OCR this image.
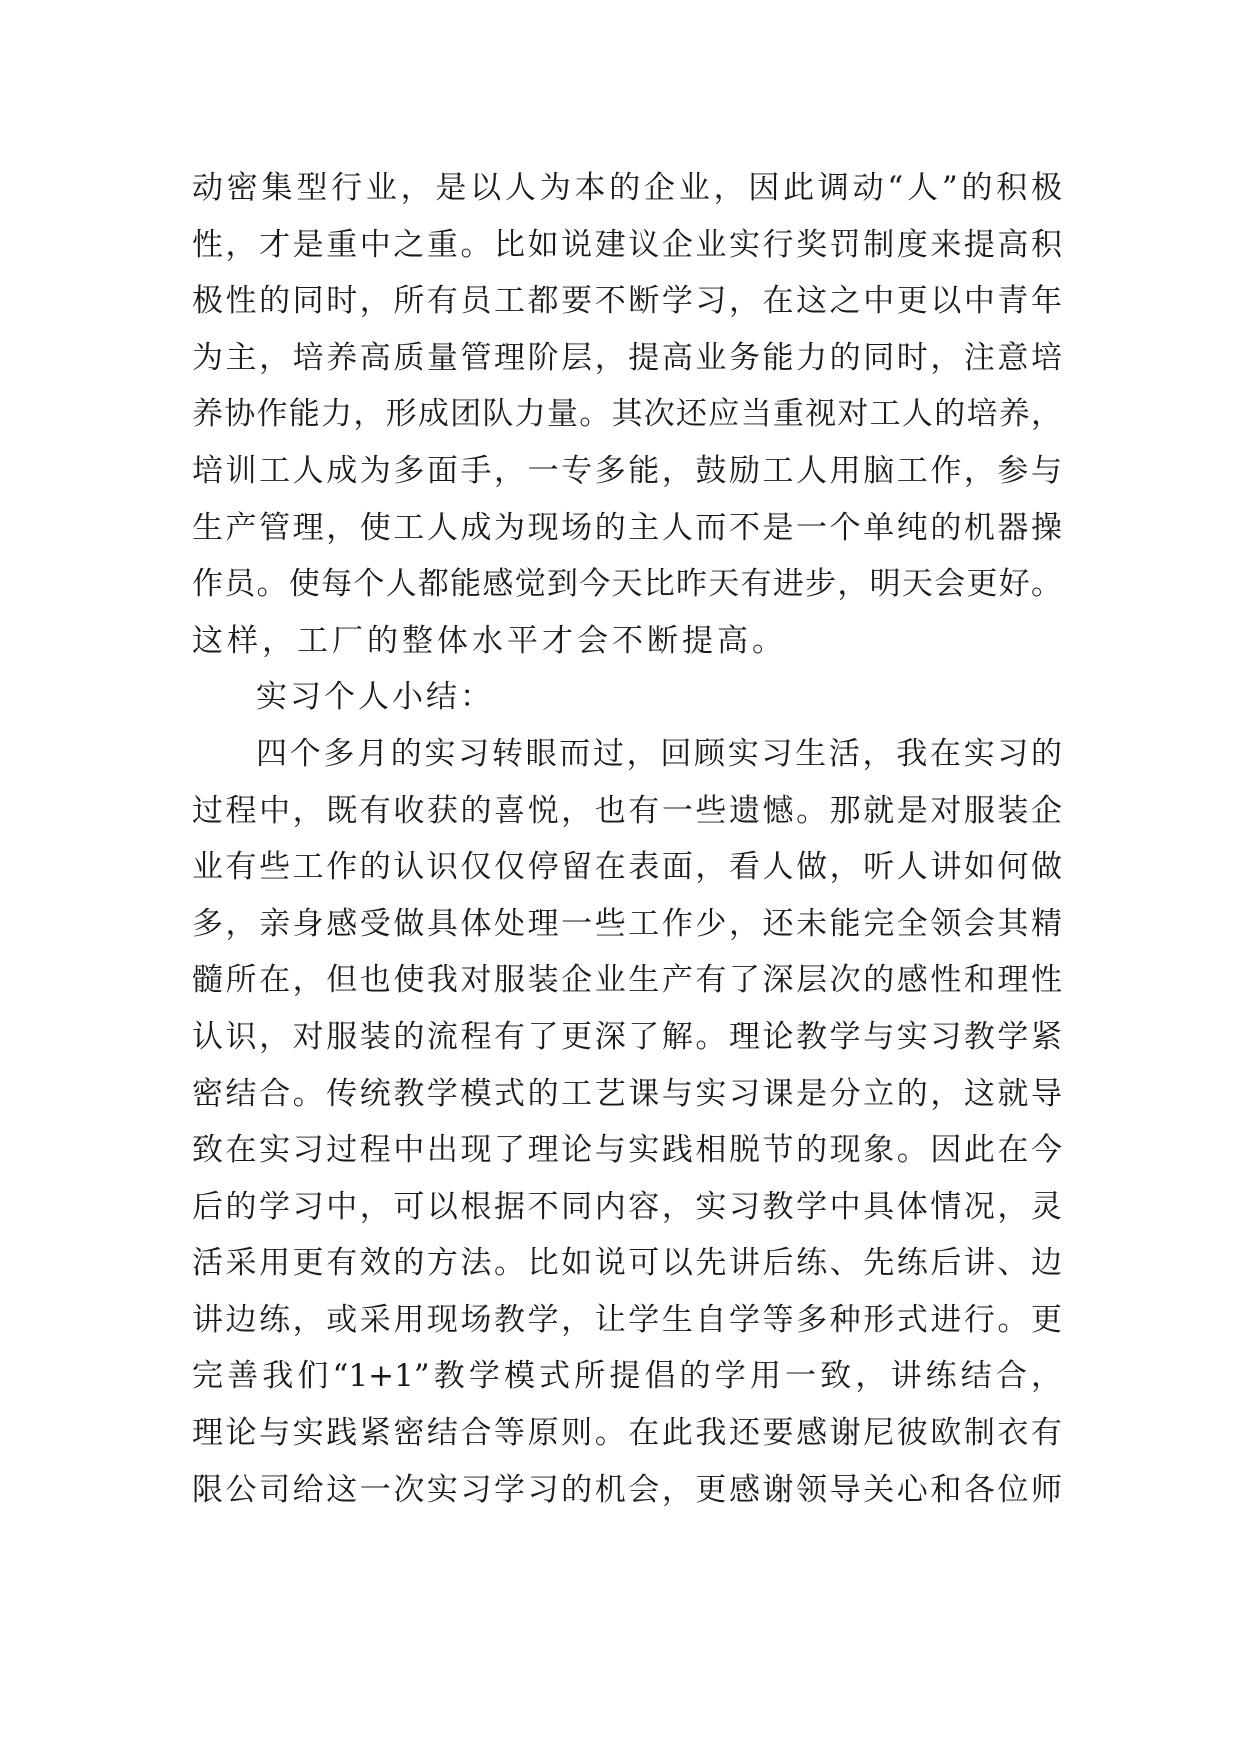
动密集型行业，是以人为本的企业，因此调动“人”的积极
性，才是重中之重。比如说建议企业实行奖罚制度来提高积
极性的同时，所有员工都要不断学习，在这之中更以中青年
为主，培养高质量管理阶层，提高业务能力的同时，注意培
养协作能力，形成团队力量。其次还应当重视对工人的培养，
培训工人成为多面手，一专多能，鼓励工人用脑工作，参与
生产管理，使工人成为现场的主人而不是一个单纯的机器操
作员。使每个人都能感觉到今天比昨天有进步，明天会更好。
这样，工厂的整体水平才会不断提高。
实习个人小结：
四个多月的实习转眼而过，回顾实习生活，我在实习的
过程中，既有收获的喜悦，也有一些遗憾。那就是对服装企
业有些工作的认识仅仅停留在表面，看人做，听人讲如何做
多，亲身感受做具体处理一些工作少，还未能完全领会其精
髓所在，但也使我对服装企业生产有了深层次的感性和理性
认识，对服装的流程有了更深了解。理论教学与实习教学紧
密结合。传统教学模式的工艺课与实习课是分立的，这就导
致在实习过程中出现了理论与实践相脱节的现象。因此在今
后的学习中，可以根据不同内容，实习教学中具体情况，灵
活采用更有效的方法。比如说可以先讲后练、先练后讲、边
讲边练，或采用现场教学，让学生自学等多种形式进行。更
完善我们“1+1”教学模式所提倡的学用一致，讲练结合，
理论与实践紧密结合等原则。在此我还要感谢尼彼欧制衣有
限公司给这一次实习学习的机会，更感谢领导关心和各位师
